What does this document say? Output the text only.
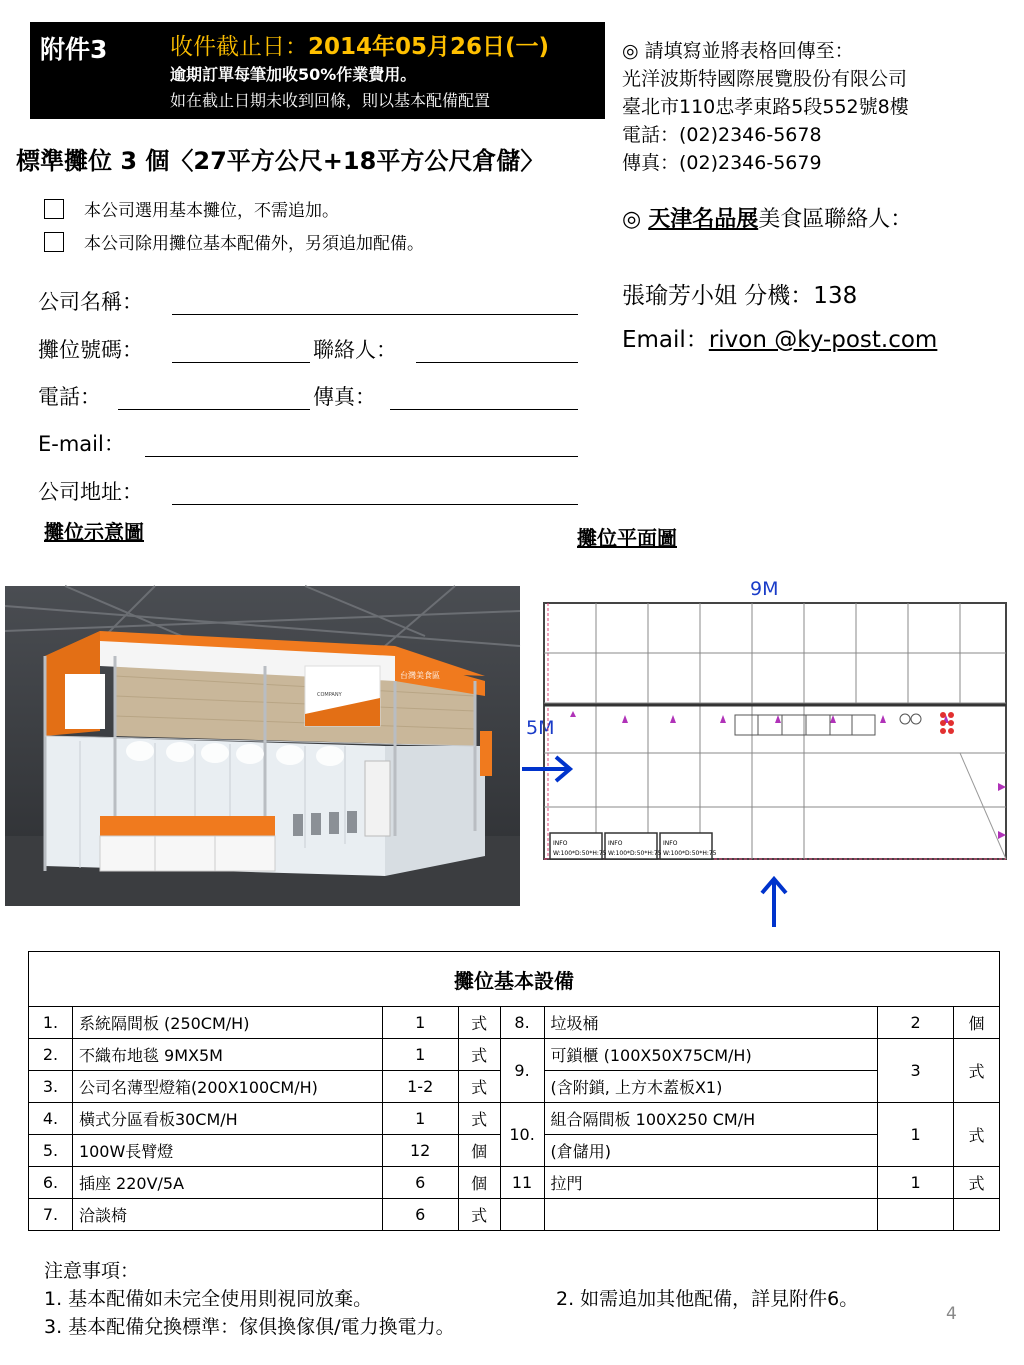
附件3	收件截止日：2014年05月26日(一)
逾期訂單每筆加收50%作業費用。
如在截止日期未收到回條，則以基本配備配置
◎ 請填寫並將表格回傳至：
光洋波斯特國際展覽股份有限公司
臺北市110忠孝東路5段552號8樓
電話：(02)2346-5678
傳真：(02)2346-5679
◎ 天津名品展美食區聯絡人：
張瑜芳小姐 分機：138
Email：rivon @ky-post.com
標準攤位 3 個〈27平方公尺+18平方公尺倉儲〉
本公司選用基本攤位，不需追加。
本公司除用攤位基本配備外，另須追加配備。
公司名稱：
攤位號碼：	聯絡人：
電話：	傳真：
E-mail：
公司地址：
攤位示意圖	攤位平面圖
台灣美食區
COMPANY
9M
5M
INFO
W:100*D:50*H:75
INFO
W:100*D:50*H:75
INFO
W:100*D:50*H:75
攤位基本設備							
1.	系統隔間板 (250CM/H)	1	式	8.	垃圾桶	2	個
2.	不織布地毯 9MX5M	1	式	9.	可鎖櫃 (100X50X75CM/H)	3	式
3.	公司名薄型燈箱(200X100CM/H)	1-2	式		(含附鎖, 上方木蓋板X1)		
4.	橫式分區看板30CM/H	1	式	10.	組合隔間板 100X250 CM/H	1	式
5.	100W長臂燈	12	個		(倉儲用)		
6.	插座 220V/5A	6	個	11	拉門	1	式
7.	洽談椅	6	式				
注意事項：
1. 基本配備如未完全使用則視同放棄。	2. 如需追加其他配備，詳見附件6。
3. 基本配備兌換標準：傢俱換傢俱/電力換電力。
4
